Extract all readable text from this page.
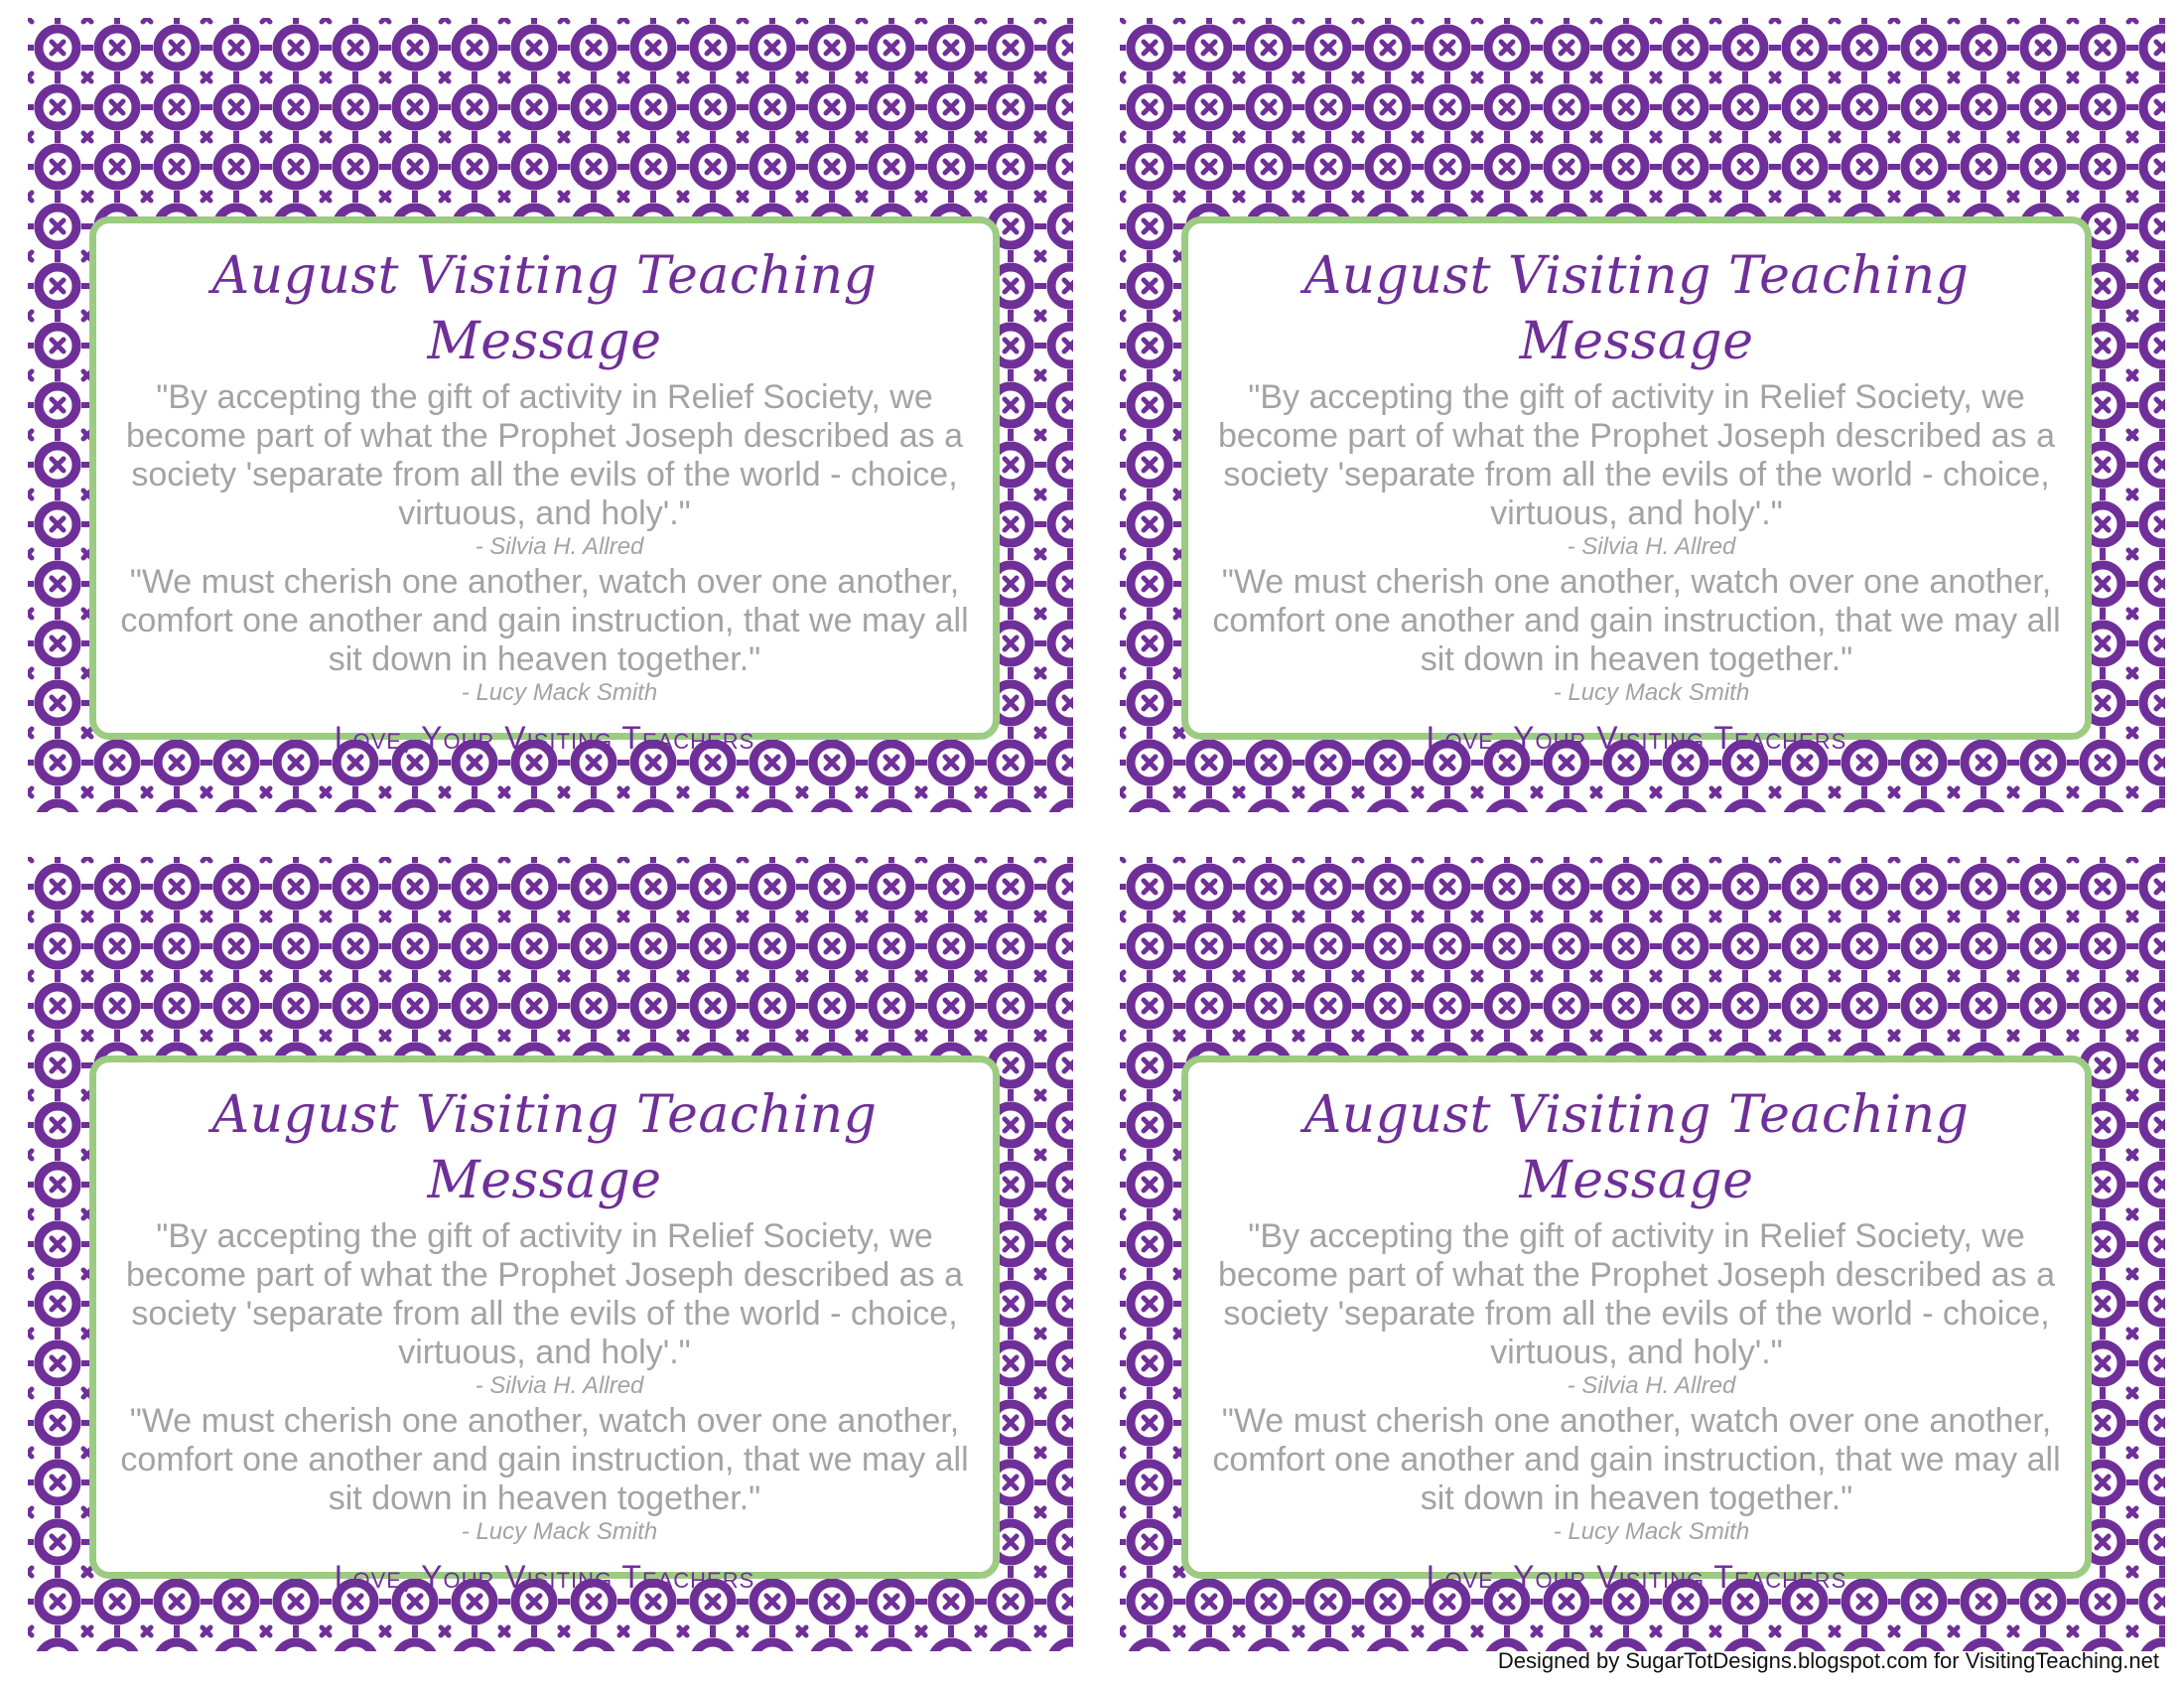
August Visiting Teaching Message
"By accepting the gift of activity in Relief Society, we become part of what the Prophet Joseph described as a society 'separate from all the evils of the world - choice, virtuous, and holy'."
- Silvia H. Allred
"We must cherish one another, watch over one another, comfort one another and gain instruction, that we may all sit down in heaven together."
- Lucy Mack Smith
Love, Your Visiting Teachers
August Visiting Teaching Message
"By accepting the gift of activity in Relief Society, we become part of what the Prophet Joseph described as a society 'separate from all the evils of the world - choice, virtuous, and holy'."
- Silvia H. Allred
"We must cherish one another, watch over one another, comfort one another and gain instruction, that we may all sit down in heaven together."
- Lucy Mack Smith
Love, Your Visiting Teachers
August Visiting Teaching Message
"By accepting the gift of activity in Relief Society, we become part of what the Prophet Joseph described as a society 'separate from all the evils of the world - choice, virtuous, and holy'."
- Silvia H. Allred
"We must cherish one another, watch over one another, comfort one another and gain instruction, that we may all sit down in heaven together."
- Lucy Mack Smith
Love, Your Visiting Teachers
August Visiting Teaching Message
"By accepting the gift of activity in Relief Society, we become part of what the Prophet Joseph described as a society 'separate from all the evils of the world - choice, virtuous, and holy'."
- Silvia H. Allred
"We must cherish one another, watch over one another, comfort one another and gain instruction, that we may all sit down in heaven together."
- Lucy Mack Smith
Love, Your Visiting Teachers
Designed by SugarTotDesigns.blogspot.com for VisitingTeaching.net
